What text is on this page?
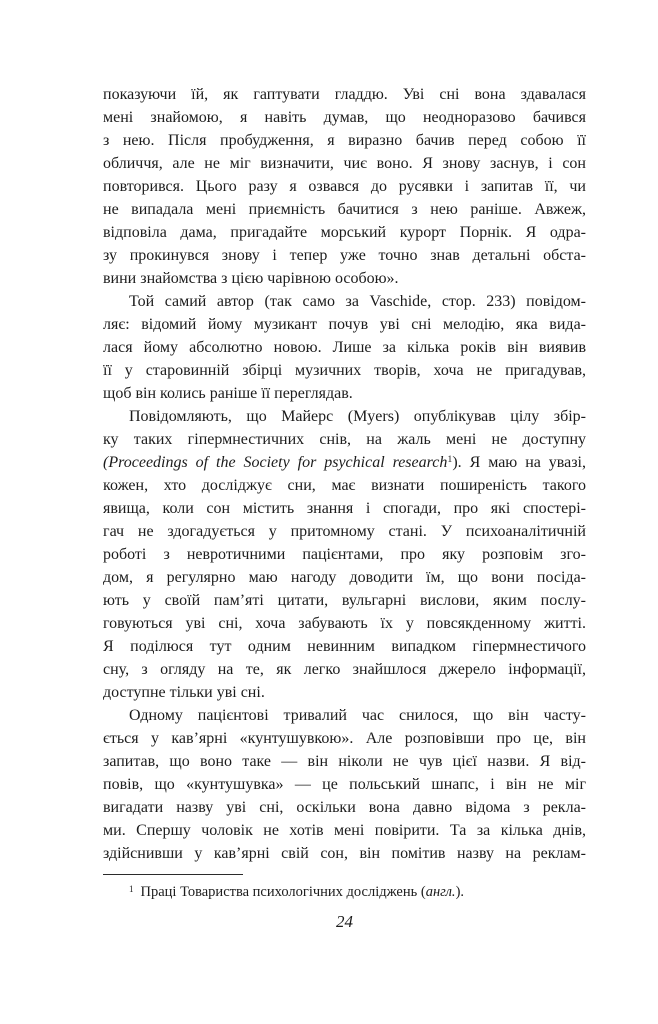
показуючи їй, як гаптувати гладдю. Уві сні вона здавалася
мені знайомою, я навіть думав, що неодноразово бачився
з нею. Після пробудження, я виразно бачив перед собою її
обличчя, але не міг визначити, чиє воно. Я знову заснув, і сон
повторився. Цього разу я озвався до русявки і запитав її, чи
не випадала мені приємність бачитися з нею раніше. Авжеж,
відповіла дама, пригадайте морський курорт Порнік. Я одра-
зу прокинувся знову і тепер уже точно знав детальні обста-
вини знайомства з цією чарівною особою».
Той самий автор (так само за Vaschide, стор. 233) повідом-
ляє: відомий йому музикант почув уві сні мелодію, яка вида-
лася йому абсолютно новою. Лише за кілька років він виявив
її у старовинній збірці музичних творів, хоча не пригадував,
щоб він колись раніше її переглядав.
Повідомляють, що Майерс (Myers) опублікував цілу збір-
ку таких гіпермнестичних снів, на жаль мені не доступну
(Proceedings of the Society for psychical research$^1$). Я маю на увазі,
кожен, хто досліджує сни, має визнати поширеність такого
явища, коли сон містить знання і спогади, про які спостері-
гач не здогадується у притомному стані. У психоаналітичній
роботі з невротичними пацієнтами, про яку розповім зго-
дом, я регулярно маю нагоду доводити їм, що вони посіда-
ють у своїй пам’яті цитати, вульгарні вислови, яким послу-
говуються уві сні, хоча забувають їх у повсякденному житті.
Я поділюся тут одним невинним випадком гіпермнестичого
сну, з огляду на те, як легко знайшлося джерело інформації,
доступне тільки уві сні.
Одному пацієнтові тривалий час снилося, що він часту-
ється у кав’ярні «кунтушувкою». Але розповівши про це, він
запитав, що воно таке — він ніколи не чув цієї назви. Я від-
повів, що «кунтушувка» — це польський шнапс, і він не міг
вигадати назву уві сні, оскільки вона давно відома з рекла-
ми. Спершу чоловік не хотів мені повірити. Та за кілька днів,
здійснивши у кав’ярні свій сон, він помітив назву на реклам-
$^1$ Праці Товариства психологічних досліджень (англ.).
24
